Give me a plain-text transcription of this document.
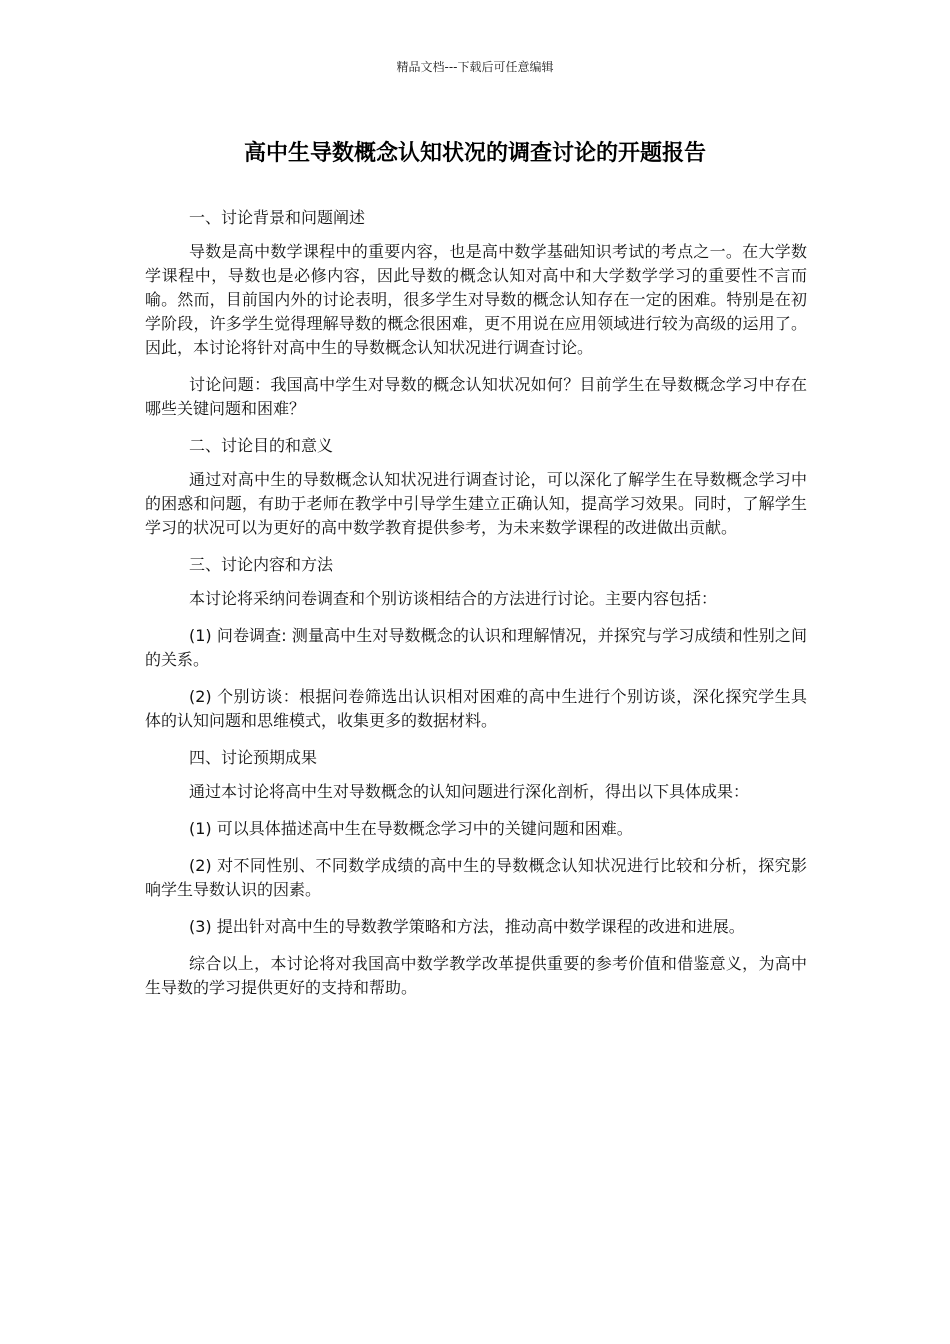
精品文档---下载后可任意编辑
高中生导数概念认知状况的调查讨论的开题报告

一、讨论背景和问题阐述

导数是高中数学课程中的重要内容，也是高中数学基础知识考试的考点之一。在大学数学课程中，导数也是必修内容，因此导数的概念认知对高中和大学数学学习的重要性不言而喻。然而，目前国内外的讨论表明，很多学生对导数的概念认知存在一定的困难。特别是在初学阶段，许多学生觉得理解导数的概念很困难，更不用说在应用领域进行较为高级的运用了。因此，本讨论将针对高中生的导数概念认知状况进行调查讨论。

讨论问题：我国高中学生对导数的概念认知状况如何？目前学生在导数概念学习中存在哪些关键问题和困难？

二、讨论目的和意义

通过对高中生的导数概念认知状况进行调查讨论，可以深化了解学生在导数概念学习中的困惑和问题，有助于老师在教学中引导学生建立正确认知，提高学习效果。同时，了解学生学习的状况可以为更好的高中数学教育提供参考，为未来数学课程的改进做出贡献。

三、讨论内容和方法

本讨论将采纳问卷调查和个别访谈相结合的方法进行讨论。主要内容包括：

(1) 问卷调查: 测量高中生对导数概念的认识和理解情况，并探究与学习成绩和性别之间的关系。

(2) 个别访谈：根据问卷筛选出认识相对困难的高中生进行个别访谈，深化探究学生具体的认知问题和思维模式，收集更多的数据材料。

四、讨论预期成果

通过本讨论将高中生对导数概念的认知问题进行深化剖析，得出以下具体成果：

(1) 可以具体描述高中生在导数概念学习中的关键问题和困难。

(2) 对不同性别、不同数学成绩的高中生的导数概念认知状况进行比较和分析，探究影响学生导数认识的因素。

(3) 提出针对高中生的导数教学策略和方法，推动高中数学课程的改进和进展。

综合以上，本讨论将对我国高中数学教学改革提供重要的参考价值和借鉴意义，为高中生导数的学习提供更好的支持和帮助。
